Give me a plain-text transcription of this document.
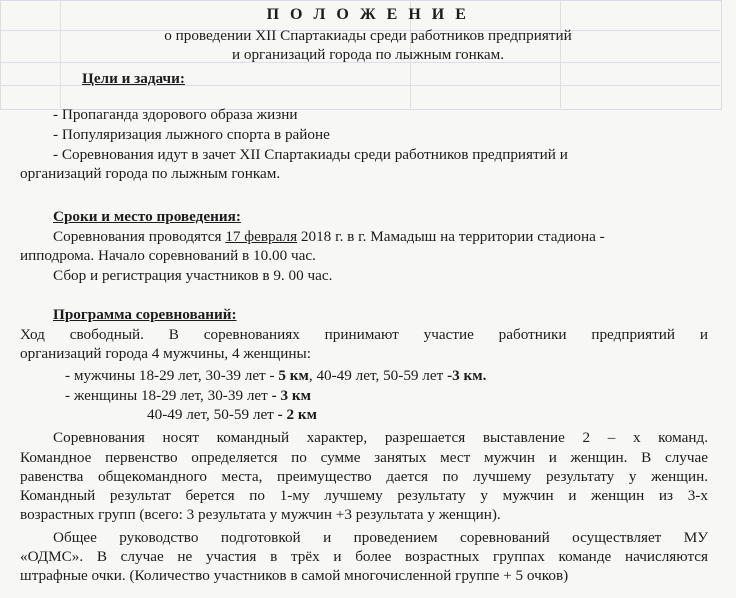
П О Л О Ж Е Н И Е
о проведении XII Спартакиады среди работников предприятий
и организаций города по лыжным гонкам.
Цели и задачи:
- Пропаганда здорового образа жизни
- Популяризация лыжного спорта в районе
- Соревнования идут в зачет XII Спартакиады среди работников предприятий и
организаций города по лыжным гонкам.
Сроки и место проведения:
Соревнования проводятся 17 февраля 2018 г. в г. Мамадыш на территории стадиона -
ипподрома. Начало соревнований в 10.00 час.
Сбор и регистрация участников в 9. 00 час.
Программа соревнований:
Ход свободный. В соревнованиях принимают участие работники предприятий и
организаций города 4 мужчины, 4 женщины:
- мужчины 18-29 лет, 30-39 лет - 5 км, 40-49 лет, 50-59 лет -3 км.
- женщины 18-29 лет, 30-39 лет - 3 км
40-49 лет, 50-59 лет - 2 км
Соревнования носят командный характер, разрешается выставление 2 – х команд.
Командное первенство определяется по сумме занятых мест мужчин и женщин. В случае
равенства общекомандного места, преимущество дается по лучшему результату у женщин.
Командный результат берется по 1-му лучшему результату у мужчин и женщин из 3-х
возрастных групп (всего: 3 результата у мужчин +3 результата у женщин).
Общее руководство подготовкой и проведением соревнований осуществляет МУ
«ОДМС». В случае не участия в трёх и более возрастных группах команде начисляются
штрафные очки. (Количество участников в самой многочисленной группе + 5 очков)
